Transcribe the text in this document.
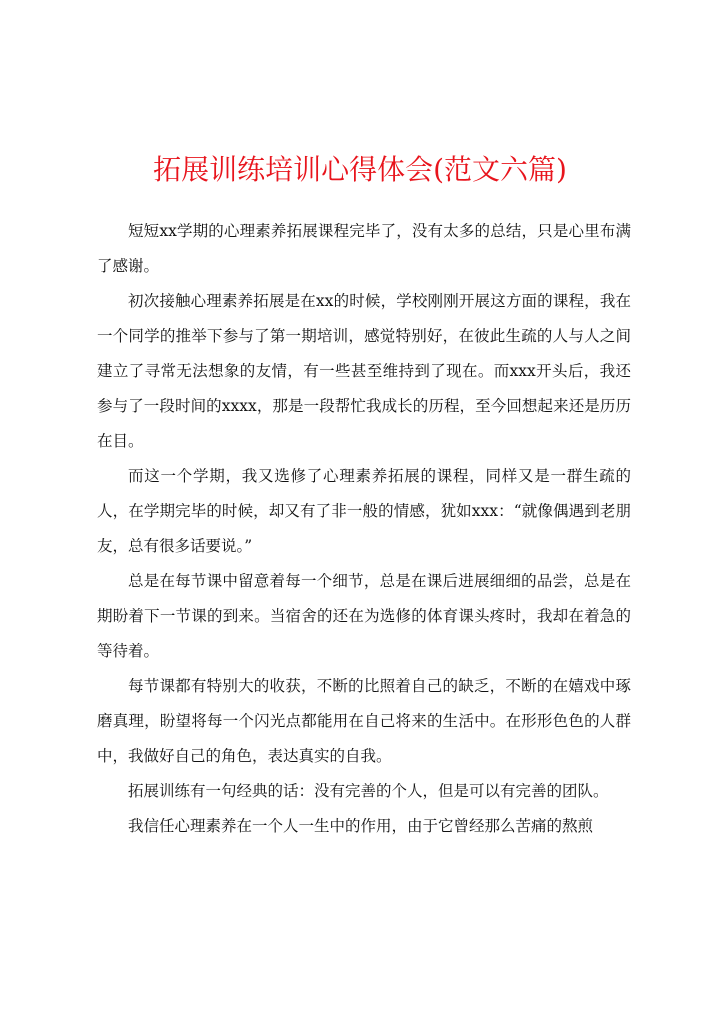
拓展训练培训心得体会(范文六篇)

短短xx学期的心理素养拓展课程完毕了，没有太多的总结，只是心里布满了感谢。

初次接触心理素养拓展是在xx的时候，学校刚刚开展这方面的课程，我在一个同学的推举下参与了第一期培训，感觉特别好，在彼此生疏的人与人之间建立了寻常无法想象的友情，有一些甚至维持到了现在。而xxx开头后，我还参与了一段时间的xxxx，那是一段帮忙我成长的历程，至今回想起来还是历历在目。

而这一个学期，我又选修了心理素养拓展的课程，同样又是一群生疏的人，在学期完毕的时候，却又有了非一般的情感，犹如xxx：“就像偶遇到老朋友，总有很多话要说。”

总是在每节课中留意着每一个细节，总是在课后进展细细的品尝，总是在期盼着下一节课的到来。当宿舍的还在为选修的体育课头疼时，我却在着急的等待着。

每节课都有特别大的收获，不断的比照着自己的缺乏，不断的在嬉戏中琢磨真理，盼望将每一个闪光点都能用在自己将来的生活中。在形形色色的人群中，我做好自己的角色，表达真实的自我。

拓展训练有一句经典的话：没有完善的个人，但是可以有完善的团队。

我信任心理素养在一个人一生中的作用，由于它曾经那么苦痛的熬煎
